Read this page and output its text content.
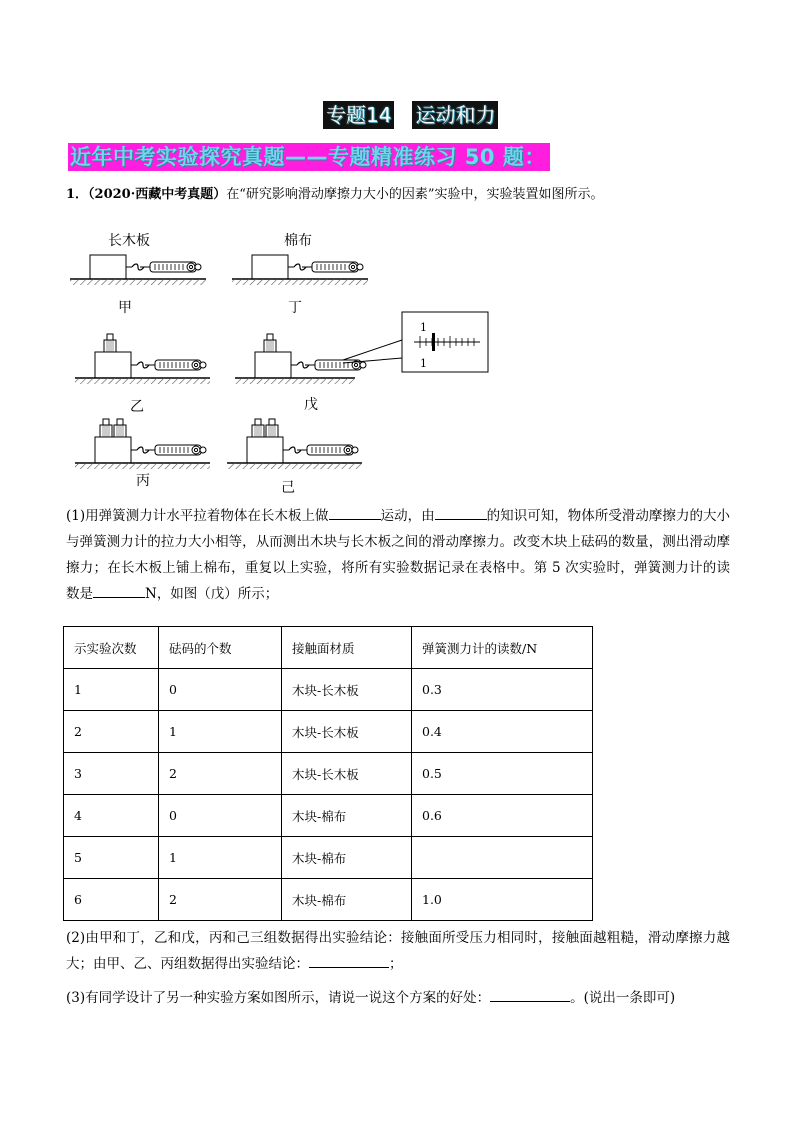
专题14 运动和力
近年中考实验探究真题——专题精准练习 50 题：
1．（2020·西藏中考真题）在“研究影响滑动摩擦力大小的因素”实验中，实验装置如图所示。
长木板
甲
棉布
丁
乙	戊
1
1
丙	己
(1)用弹簧测力计水平拉着物体在长木板上做	运动，由	的知识可知，物体所受滑动摩擦力的大小与弹簧测力计的拉力大小相等，从而测出木块与长木板之间的滑动摩擦力。改变木块上砝码的数量，测出滑动摩擦力；在长木板上铺上棉布，重复以上实验，将所有实验数据记录在表格中。第 5 次实验时，弹簧测力计的读数是	N，如图（戊）所示；
示实验次数	砝码的个数	接触面材质	弹簧测力计的读数/N
1	0	木块-长木板	0.3
2	1	木块-长木板	0.4
3	2	木块-长木板	0.5
4	0	木块-棉布	0.6
5	1	木块-棉布	
6	2	木块-棉布	1.0
(2)由甲和丁，乙和戊，丙和己三组数据得出实验结论：接触面所受压力相同时，接触面越粗糙，滑动摩擦力越大；由甲、乙、丙组数据得出实验结论：	；
(3)有同学设计了另一种实验方案如图所示，请说一说这个方案的好处：	。(说出一条即可)
